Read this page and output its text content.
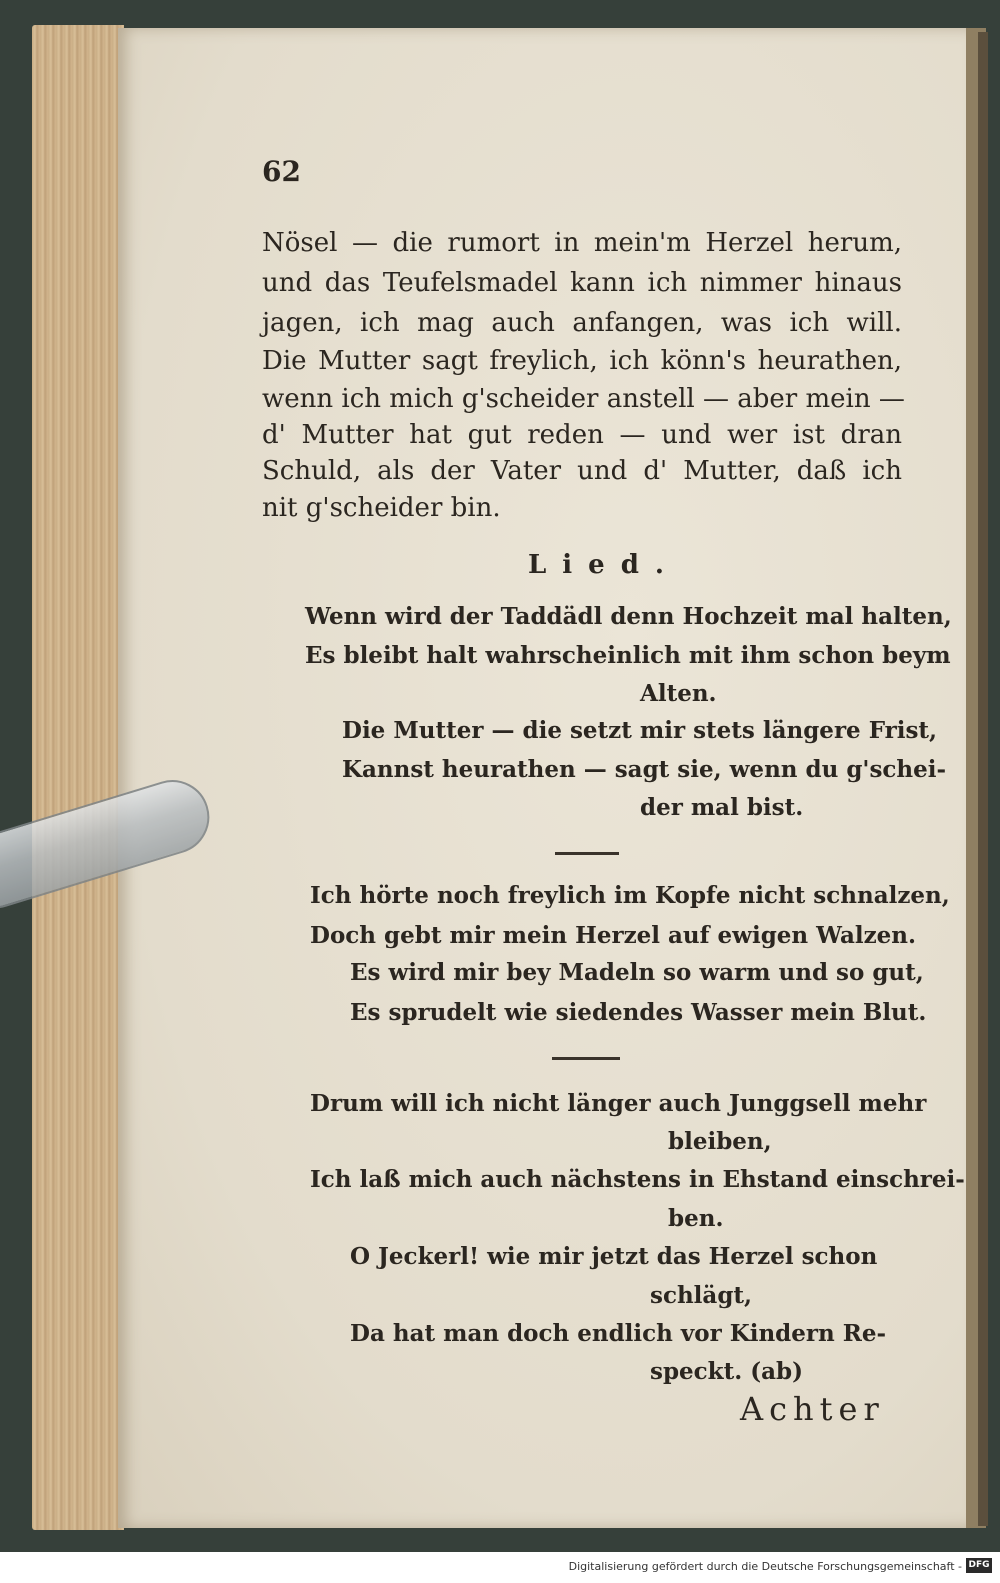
62
Nösel — die rumort in mein'm Herzel herum,
und das Teufelsmadel kann ich nimmer hinaus
jagen, ich mag auch anfangen, was ich will.
Die Mutter sagt freylich, ich könn's heurathen,
wenn ich mich g'scheider anstell — aber mein —
d' Mutter hat gut reden — und wer ist dran
Schuld, als der Vater und d' Mutter, daß ich
nit g'scheider bin.
Lied.
Wenn wird der Taddädl denn Hochzeit mal halten,
Es bleibt halt wahrscheinlich mit ihm schon beym
Alten.
Die Mutter — die setzt mir stets längere Frist,
Kannst heurathen — sagt sie, wenn du g'schei-
der mal bist.
Ich hörte noch freylich im Kopfe nicht schnalzen,
Doch gebt mir mein Herzel auf ewigen Walzen.
Es wird mir bey Madeln so warm und so gut,
Es sprudelt wie siedendes Wasser mein Blut.
Drum will ich nicht länger auch Junggsell mehr
bleiben,
Ich laß mich auch nächstens in Ehstand einschrei-
ben.
O Jeckerl! wie mir jetzt das Herzel schon
schlägt,
Da hat man doch endlich vor Kindern Re-
speckt. (ab)
Achter
Digitalisierung gefördert durch die Deutsche Forschungsgemeinschaft - DFG
